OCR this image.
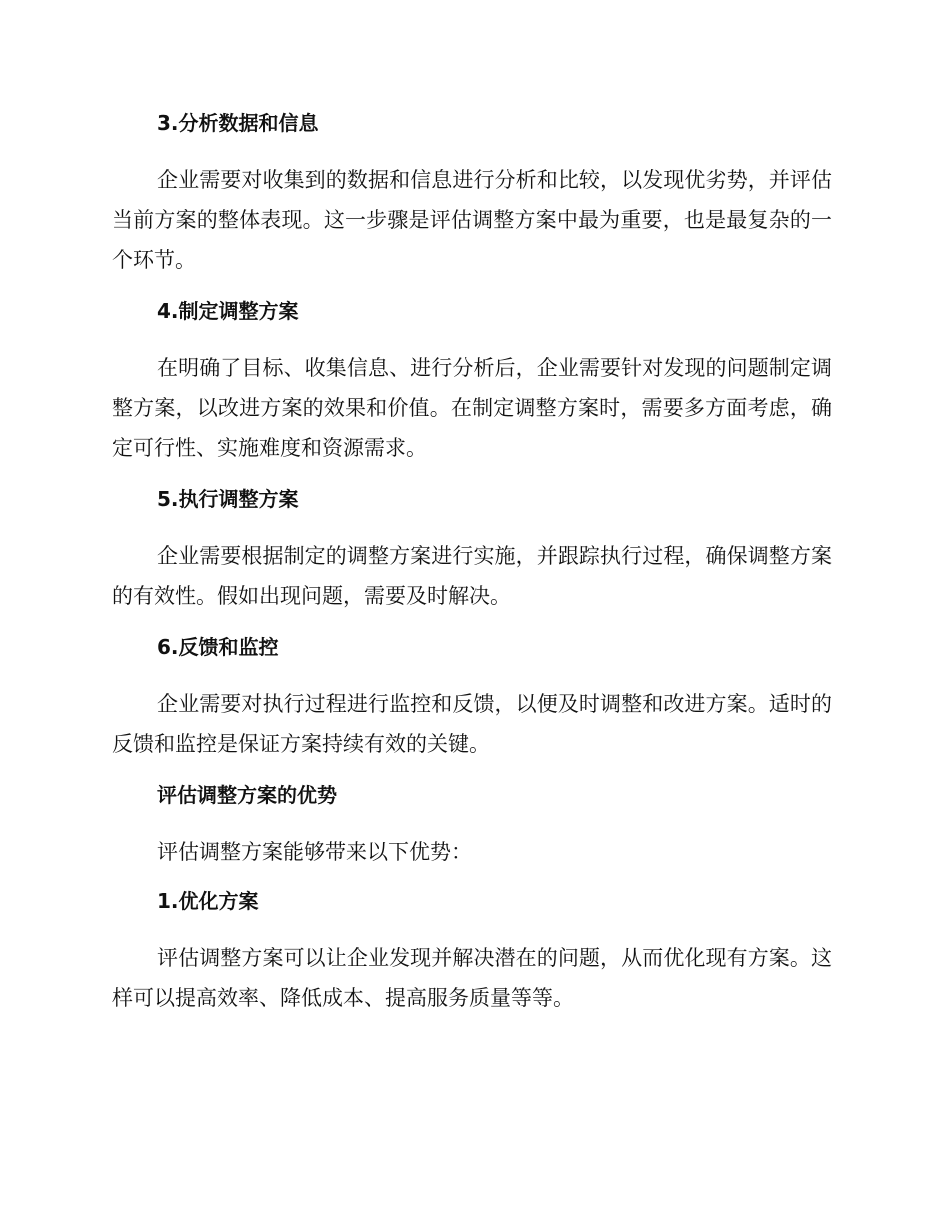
3.分析数据和信息

企业需要对收集到的数据和信息进行分析和比较，以发现优劣势，并评估当前方案的整体表现。这一步骤是评估调整方案中最为重要，也是最复杂的一个环节。

4.制定调整方案

在明确了目标、收集信息、进行分析后，企业需要针对发现的问题制定调整方案，以改进方案的效果和价值。在制定调整方案时，需要多方面考虑，确定可行性、实施难度和资源需求。

5.执行调整方案

企业需要根据制定的调整方案进行实施，并跟踪执行过程，确保调整方案的有效性。假如出现问题，需要及时解决。

6.反馈和监控

企业需要对执行过程进行监控和反馈，以便及时调整和改进方案。适时的反馈和监控是保证方案持续有效的关键。

评估调整方案的优势

评估调整方案能够带来以下优势：

1.优化方案

评估调整方案可以让企业发现并解决潜在的问题，从而优化现有方案。这样可以提高效率、降低成本、提高服务质量等等。
